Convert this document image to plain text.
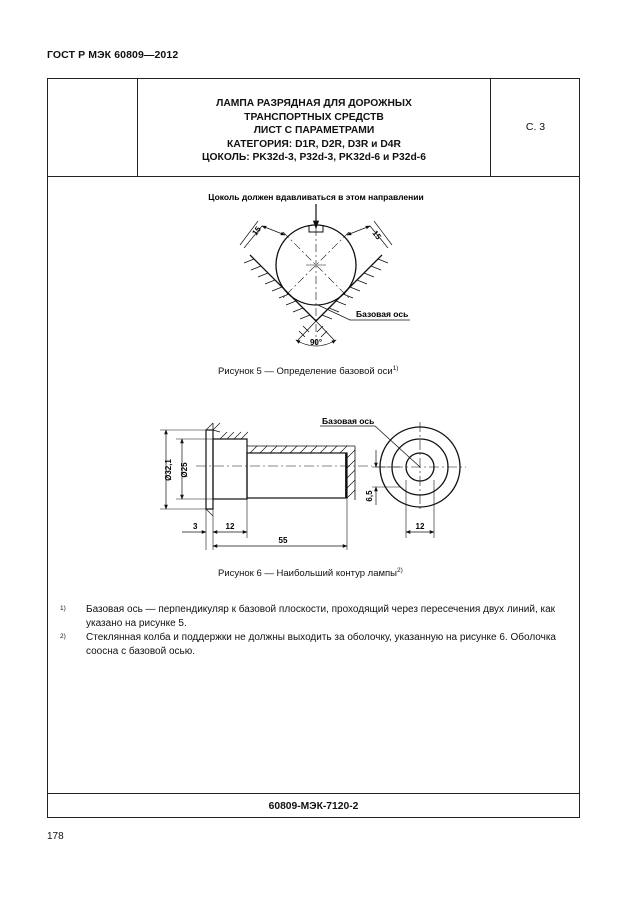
ГОСТ Р МЭК 60809—2012
ЛАМПА РАЗРЯДНАЯ ДЛЯ ДОРОЖНЫХ
ТРАНСПОРТНЫХ СРЕДСТВ
ЛИСТ С ПАРАМЕТРАМИ
КАТЕГОРИЯ: D1R, D2R, D3R и D4R
ЦОКОЛЬ: PK32d-3, P32d-3, PK32d-6 и P32d-6
С. 3
60809-МЭК-7120-2
Цоколь должен вдавливаться в этом направлении
15	15
90°
Базовая ось
Базовая ось
Ø32,1 Ø25
3	12
55
6,5
12
Рисунок 5 — Определение базовой оси$^{1)}$
Рисунок 6 — Наибольший контур лампы$^{2)}$
1) Базовая ось — перпендикуляр к базовой плоскости, проходящий через пересечения двух линий, как указано на рисунке 5.
2) Стеклянная колба и поддержки не должны выходить за оболочку, указанную на рисунке 6. Оболочка соосна с базовой осью.
178
